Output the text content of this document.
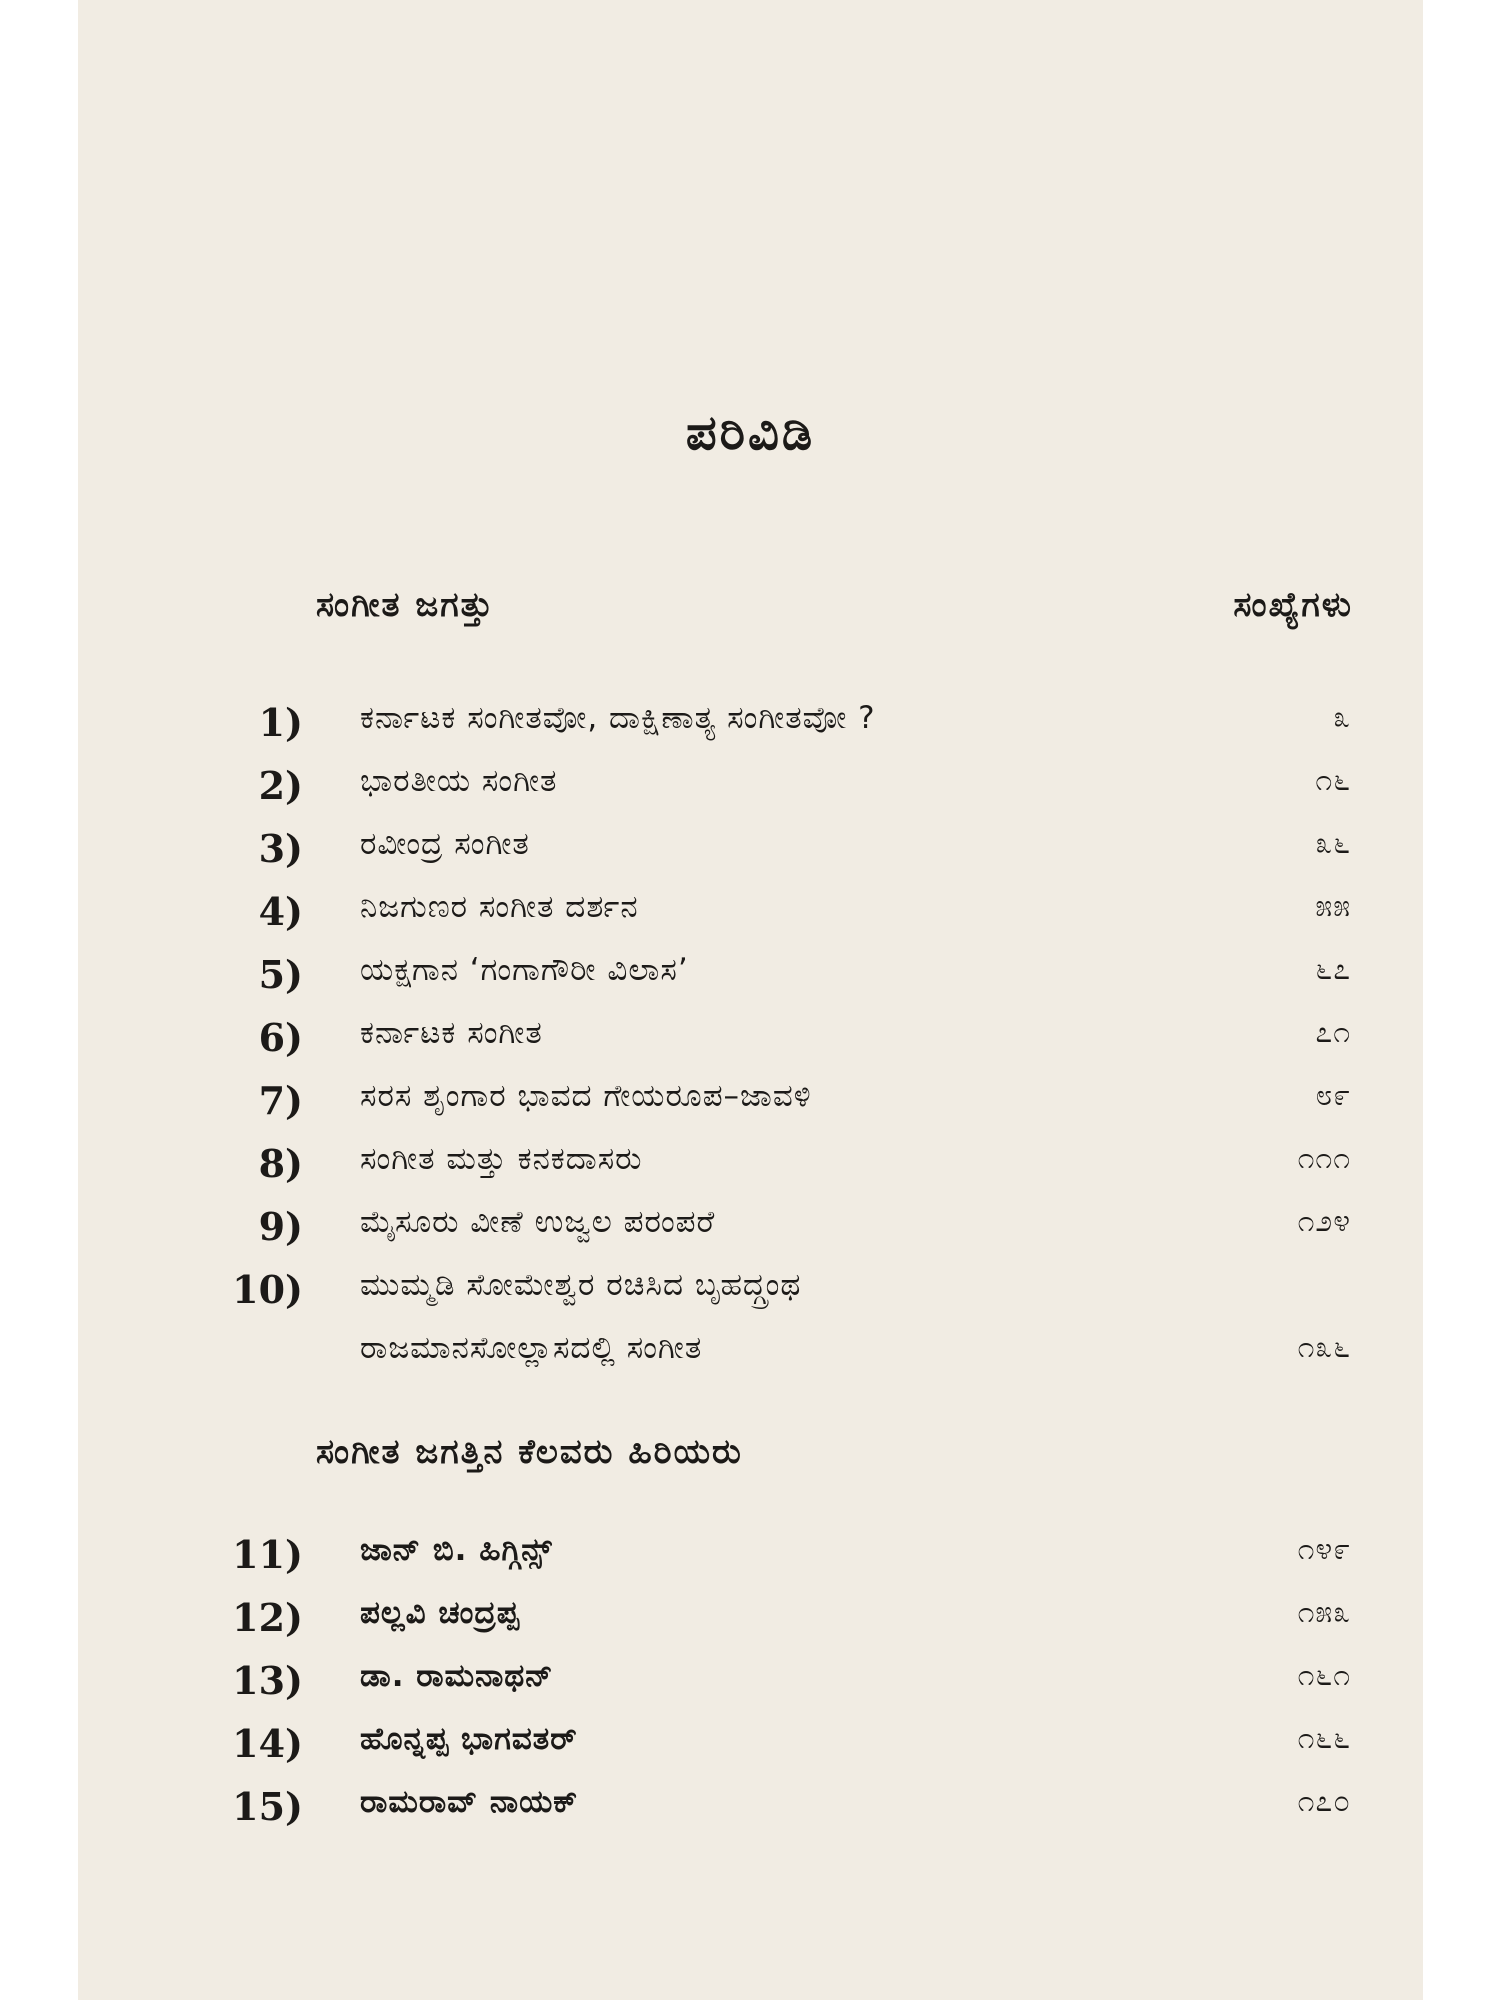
ಪರಿವಿಡಿ
ಸಂಗೀತ ಜಗತ್ತು	ಸಂಖ್ಯೆಗಳು
1) ಕರ್ನಾಟಕ ಸಂಗೀತವೋ, ದಾಕ್ಷಿಣಾತ್ಯ ಸಂಗೀತವೋ ?	೩
2) ಭಾರತೀಯ ಸಂಗೀತ	೧೬
3) ರವೀಂದ್ರ ಸಂಗೀತ	೩೬
4) ನಿಜಗುಣರ ಸಂಗೀತ ದರ್ಶನ	೫೫
5) ಯಕ್ಷಗಾನ ‘ಗಂಗಾಗೌರೀ ವಿಲಾಸ’	೬೭
6) ಕರ್ನಾಟಕ ಸಂಗೀತ	೭೧
7) ಸರಸ ಶೃಂಗಾರ ಭಾವದ ಗೇಯರೂಪ–ಜಾವಳಿ	೮೯
8) ಸಂಗೀತ ಮತ್ತು ಕನಕದಾಸರು	೧೧೧
9) ಮೈಸೂರು ವೀಣೆ ಉಜ್ವಲ ಪರಂಪರೆ	೧೨೪
10) ಮುಮ್ಮಡಿ ಸೋಮೇಶ್ವರ ರಚಿಸಿದ ಬೃಹದ್ಗ್ರಂಥ
ರಾಜಮಾನಸೋಲ್ಲಾಸದಲ್ಲಿ ಸಂಗೀತ	೧೩೬
ಸಂಗೀತ ಜಗತ್ತಿನ ಕೆಲವರು ಹಿರಿಯರು
11) ಜಾನ್ ಬಿ. ಹಿಗ್ಗಿನ್ಸ್	೧೪೯
12) ಪಲ್ಲವಿ ಚಂದ್ರಪ್ಪ	೧೫೩
13) ಡಾ. ರಾಮನಾಥನ್	೧೬೧
14) ಹೊನ್ನಪ್ಪ ಭಾಗವತರ್	೧೬೬
15) ರಾಮರಾವ್ ನಾಯಕ್	೧೭೦
